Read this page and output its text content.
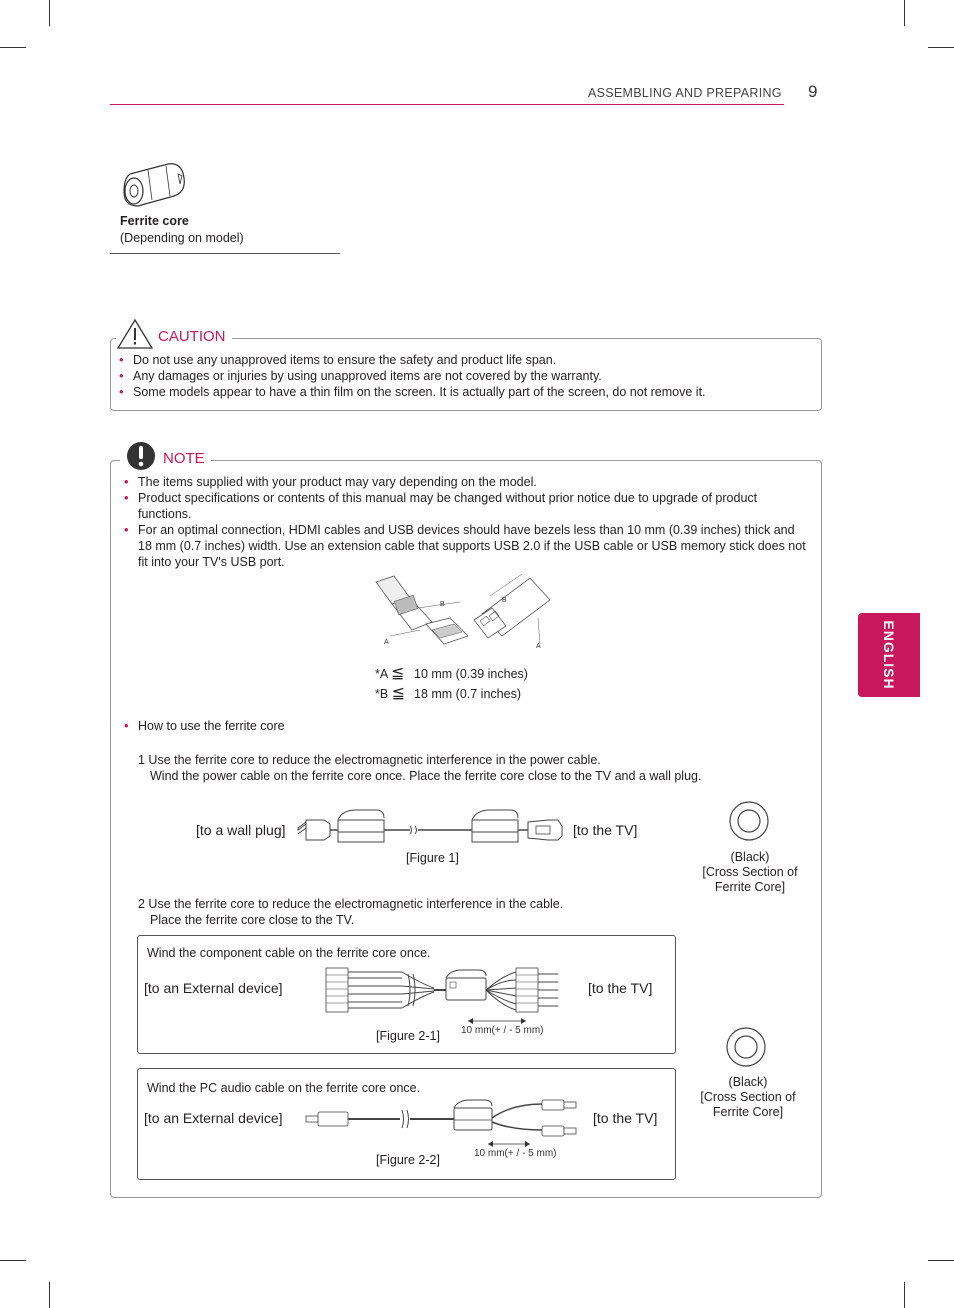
ASSEMBLING AND PREPARING 9
ENGLISH
Ferrite core
(Depending on model)
CAUTION
• Do not use any unapproved items to ensure the safety and product life span.
• Any damages or injuries by using unapproved items are not covered by the warranty.
• Some models appear to have a thin film on the screen. It is actually part of the screen, do not remove it.
NOTE
• The items supplied with your product may vary depending on the model.
• Product specifications or contents of this manual may be changed without prior notice due to upgrade of product functions.
• For an optimal connection, HDMI cables and USB devices should have bezels less than 10 mm (0.39 inches) thick and 18 mm (0.7 inches) width. Use an extension cable that supports USB 2.0 if the USB cable or USB memory stick does not fit into your TV's USB port.
B
A
B
A
*A ≦ 10 mm (0.39 inches)
*B ≦ 18 mm (0.7 inches)
• How to use the ferrite core
1 Use the ferrite core to reduce the electromagnetic interference in the power cable.
Wind the power cable on the ferrite core once. Place the ferrite core close to the TV and a wall plug.
[to a wall plug]	[to the TV]
[Figure 1]	(Black)
[Cross Section of
Ferrite Core]
2 Use the ferrite core to reduce the electromagnetic interference in the cable.
Place the ferrite core close to the TV.
Wind the component cable on the ferrite core once.
[to an External device]	[to the TV]
10 mm(+ / - 5 mm)
[Figure 2-1]
(Black)
[Cross Section of
Ferrite Core]
Wind the PC audio cable on the ferrite core once.
[to an External device]	[to the TV]
10 mm(+ / - 5 mm)
[Figure 2-2]
